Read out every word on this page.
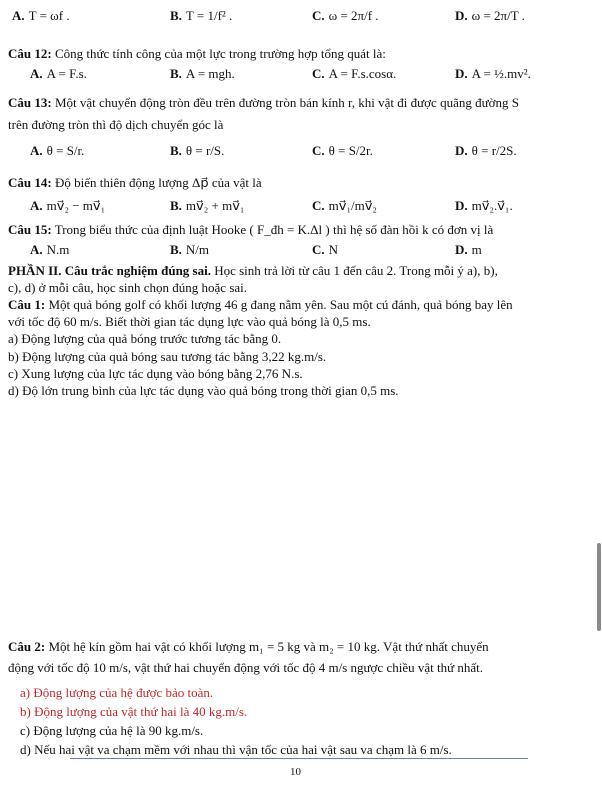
A. T = ωf .	B. T = 1/f² .	C. ω = 2π/f .	D. ω = 2π/T .
Câu 12: Công thức tính công của một lực trong trường hợp tổng quát là:
A. A = F.s.	B. A = mgh.	C. A = F.s.cosα.	D. A = ½.mv².
Câu 13: Một vật chuyển động tròn đều trên đường tròn bán kính r, khi vật đi được quãng đường S
trên đường tròn thì độ dịch chuyển góc là
A. θ = S/r.	B. θ = r/S.	C. θ = S/2r.	D. θ = r/2S.
Câu 14: Độ biến thiên động lượng Δp⃗ của vật là
A. mv⃗₂ − mv⃗₁	B. mv⃗₂ + mv⃗₁	C. mv⃗₁/mv⃗₂	D. mv⃗₂.v⃗₁.
Câu 15: Trong biểu thức của định luật Hooke ( F_đh = K.Δl ) thì hệ số đàn hồi k có đơn vị là
A. N.m	B. N/m	C. N	D. m
PHẦN II. Câu trắc nghiệm đúng sai. Học sinh trả lời từ câu 1 đến câu 2. Trong mỗi ý a), b),
c), d) ở mỗi câu, học sinh chọn đúng hoặc sai.
Câu 1: Một quả bóng golf có khối lượng 46 g đang nằm yên. Sau một cú đánh, quả bóng bay lên
với tốc độ 60 m/s. Biết thời gian tác dụng lực vào quả bóng là 0,5 ms.
a) Động lượng của quả bóng trước tương tác bằng 0.
b) Động lượng của quả bóng sau tương tác bằng 3,22 kg.m/s.
c) Xung lượng của lực tác dụng vào bóng bằng 2,76 N.s.
d) Độ lớn trung bình của lực tác dụng vào quả bóng trong thời gian 0,5 ms.
Câu 2: Một hệ kín gồm hai vật có khối lượng m₁ = 5 kg và m₂ = 10 kg. Vật thứ nhất chuyển
động với tốc độ 10 m/s, vật thứ hai chuyển động với tốc độ 4 m/s ngược chiều vật thứ nhất.
a) Động lượng của hệ được bảo toàn.
b) Động lượng của vật thứ hai là 40 kg.m/s.
c) Động lượng của hệ là 90 kg.m/s.
d) Nếu hai vật va chạm mềm với nhau thì vận tốc của hai vật sau va chạm là 6 m/s.
10
